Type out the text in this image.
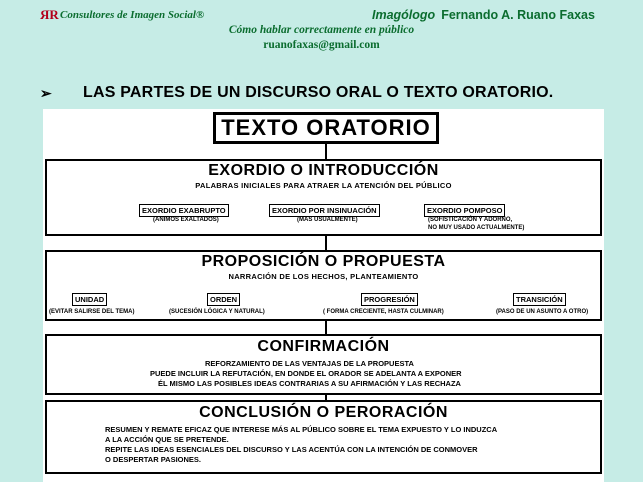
ЯR Consultores de Imagen Social®	Imagólogo Fernando A. Ruano Faxas
Cómo hablar correctamente en público
ruanofaxas@gmail.com
➢ LAS PARTES DE UN DISCURSO ORAL O TEXTO ORATORIO.
TEXTO ORATORIO
EXORDIO O INTRODUCCIÓN
PALABRAS INICIALES PARA ATRAER LA ATENCIÓN DEL PÚBLICO
EXORDIO EXABRUPTO
(ANIMOS EXALTADOS)
EXORDIO POR INSINUACIÓN
(MAS USUALMENTE)
EXORDIO POMPOSO
(SOFISTICACIÓN Y ADORNO,
NO MUY USADO ACTUALMENTE)
PROPOSICIÓN O PROPUESTA
NARRACIÓN DE LOS HECHOS, PLANTEAMIENTO
UNIDAD
(EVITAR SALIRSE DEL TEMA)
ORDEN
(SUCESIÓN LÓGICA Y NATURAL)
PROGRESIÓN
( FORMA CRECIENTE, HASTA CULMINAR)
TRANSICIÓN
(PASO DE UN ASUNTO A OTRO)
CONFIRMACIÓN
REFORZAMIENTO DE LAS VENTAJAS DE LA PROPUESTA
PUEDE INCLUIR LA REFUTACIÓN, EN DONDE EL ORADOR SE ADELANTA A EXPONER
ÉL MISMO LAS POSIBLES IDEAS CONTRARIAS A SU AFIRMACIÓN Y LAS RECHAZA
CONCLUSIÓN O PERORACIÓN
RESUMEN Y REMATE EFICAZ QUE INTERESE MÁS AL PÚBLICO SOBRE EL TEMA EXPUESTO Y LO INDUZCA
A LA ACCIÓN QUE SE PRETENDE.
REPITE LAS IDEAS ESENCIALES DEL DISCURSO Y LAS ACENTÚA CON LA INTENCIÓN DE CONMOVER
O DESPERTAR PASIONES.
